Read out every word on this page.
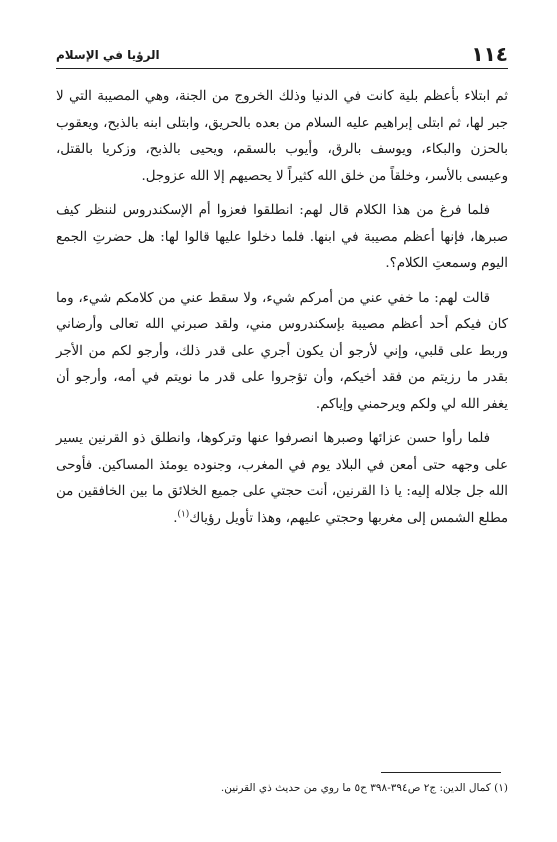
١١٤
الرؤيا في الإسلام

ثم ابتلاء بأعظم بلية كانت في الدنيا وذلك الخروج من الجنة، وهي المصيبة التي لا جبر لها، ثم ابتلى إبراهيم عليه السلام من بعده بالحريق، وابتلى ابنه بالذبح، ويعقوب بالحزن والبكاء، ويوسف بالرق، وأيوب بالسقم، ويحيى بالذبح، وزكريا بالقتل، وعيسى بالأسر، وخلقاً من خلق الله كثيراً لا يحصيهم إلا الله عزوجل.

فلما فرغ من هذا الكلام قال لهم: انطلقوا فعزوا أم الإسكندروس لننظر كيف صبرها، فإنها أعظم مصيبة في ابنها. فلما دخلوا عليها قالوا لها: هل حضرتِ الجمع اليوم وسمعتِ الكلام؟.

قالت لهم: ما خفي عني من أمركم شيء، ولا سقط عني من كلامكم شيء، وما كان فيكم أحد أعظم مصيبة بإسكندروس مني، ولقد صبرني الله تعالى وأرضاني وربط على قلبي، وإني لأرجو أن يكون أجري على قدر ذلك، وأرجو لكم من الأجر بقدر ما رزيتم من فقد أخيكم، وأن تؤجروا على قدر ما نويتم في أمه، وأرجو أن يغفر الله لي ولكم ويرحمني وإياكم.

فلما رأوا حسن عزائها وصبرها انصرفوا عنها وتركوها، وانطلق ذو القرنين يسير على وجهه حتى أمعن في البلاد يوم في المغرب، وجنوده يومئذ المساكين. فأوحى الله جل جلاله إليه: يا ذا القرنين، أنت حجتي على جميع الخلائق ما بين الخافقين من مطلع الشمس إلى مغربها وحجتي عليهم، وهذا تأويل رؤياك$^{(١)}$.

(١) كمال الدين: ج٢ ص٣٩٤-٣٩٨ ح٥ ما روي من حديث ذي القرنين.
